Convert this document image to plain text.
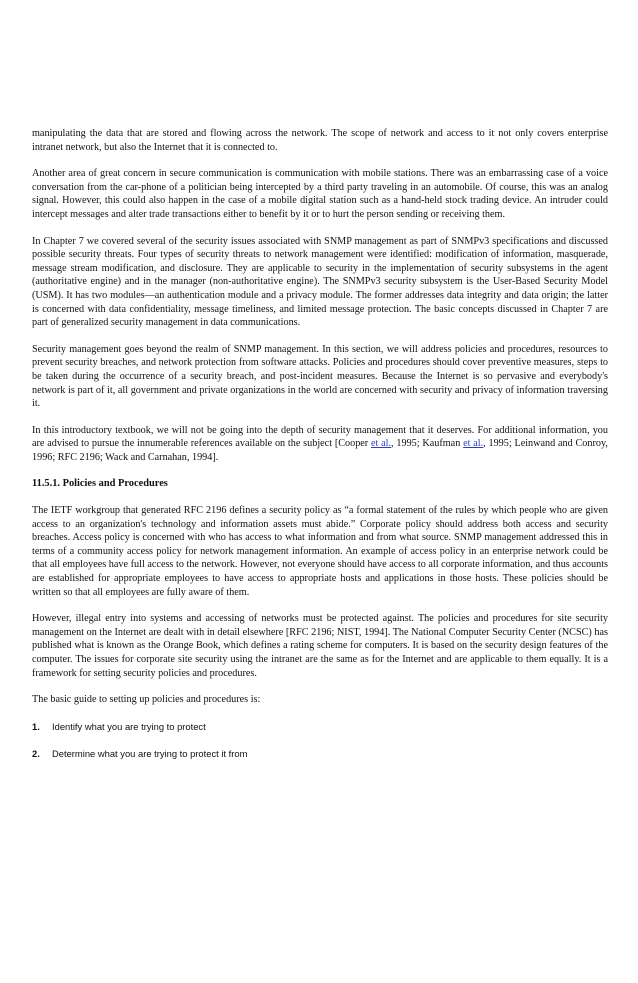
manipulating the data that are stored and flowing across the network. The scope of network and access to it not only covers enterprise intranet network, but also the Internet that it is connected to.

Another area of great concern in secure communication is communication with mobile stations. There was an embarrassing case of a voice conversation from the car-phone of a politician being intercepted by a third party traveling in an automobile. Of course, this was an analog signal. However, this could also happen in the case of a mobile digital station such as a hand-held stock trading device. An intruder could intercept messages and alter trade transactions either to benefit by it or to hurt the person sending or receiving them.

In Chapter 7 we covered several of the security issues associated with SNMP management as part of SNMPv3 specifications and discussed possible security threats. Four types of security threats to network management were identified: modification of information, masquerade, message stream modification, and disclosure. They are applicable to security in the implementation of security subsystems in the agent (authoritative engine) and in the manager (non-authoritative engine). The SNMPv3 security subsystem is the User-Based Security Model (USM). It has two modules—an authentication module and a privacy module. The former addresses data integrity and data origin; the latter is concerned with data confidentiality, message timeliness, and limited message protection. The basic concepts discussed in Chapter 7 are part of generalized security management in data communications.

Security management goes beyond the realm of SNMP management. In this section, we will address policies and procedures, resources to prevent security breaches, and network protection from software attacks. Policies and procedures should cover preventive measures, steps to be taken during the occurrence of a security breach, and post-incident measures. Because the Internet is so pervasive and everybody's network is part of it, all government and private organizations in the world are concerned with security and privacy of information traversing it.

In this introductory textbook, we will not be going into the depth of security management that it deserves. For additional information, you are advised to pursue the innumerable references available on the subject [Cooper et al., 1995; Kaufman et al., 1995; Leinwand and Conroy, 1996; RFC 2196; Wack and Carnahan, 1994].

11.5.1. Policies and Procedures

The IETF workgroup that generated RFC 2196 defines a security policy as “a formal statement of the rules by which people who are given access to an organization's technology and information assets must abide.” Corporate policy should address both access and security breaches. Access policy is concerned with who has access to what information and from what source. SNMP management addressed this in terms of a community access policy for network management information. An example of access policy in an enterprise network could be that all employees have full access to the network. However, not everyone should have access to all corporate information, and thus accounts are established for appropriate employees to have access to appropriate hosts and applications in those hosts. These policies should be written so that all employees are fully aware of them.

However, illegal entry into systems and accessing of networks must be protected against. The policies and procedures for site security management on the Internet are dealt with in detail elsewhere [RFC 2196; NIST, 1994]. The National Computer Security Center (NCSC) has published what is known as the Orange Book, which defines a rating scheme for computers. It is based on the security design features of the computer. The issues for corporate site security using the intranet are the same as for the Internet and are applicable to them equally. It is a framework for setting security policies and procedures.

The basic guide to setting up policies and procedures is:

1.	Identify what you are trying to protect
2.	Determine what you are trying to protect it from
